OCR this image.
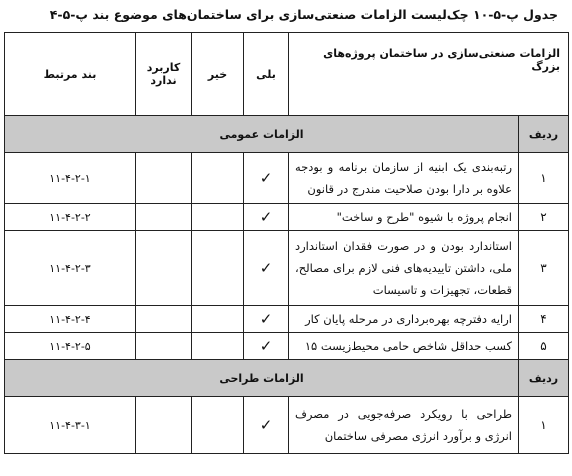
جدول پ-۵-۱۰ چک‌لیست الزامات صنعتی‌سازی برای ساختمان‌های موضوع بند پ-۵-۴
الزامات صنعتی‌سازی در ساختمان پروژه‌های بزرگ		بلی	خیر	کاربرد ندارد	بند مرتبط
ردیف	الزامات عمومی				
۱	رتبه‌بندی یک ابنیه از سازمان برنامه و بودجه علاوه بر دارا بودن صلاحیت مندرج در قانون	✓			۱۱-۴-۲-۱
۲	انجام پروژه با شیوه "طرح و ساخت"	✓			۱۱-۴-۲-۲
۳	استاندارد بودن و در صورت فقدان استاندارد ملی، داشتن تاییدیه‌های فنی لازم برای مصالح، قطعات، تجهیزات و تاسیسات	✓			۱۱-۴-۲-۳
۴	ارایه دفترچه بهره‌برداری در مرحله پایان کار	✓			۱۱-۴-۲-۴
۵	کسب حداقل شاخص حامی محیط‌زیست ۱۵	✓			۱۱-۴-۲-۵
ردیف	الزامات طراحی				
۱	طراحی با رویکرد صرفه‌جویی در مصرف انرژی و برآورد انرژی مصرفی ساختمان	✓			۱۱-۴-۳-۱
